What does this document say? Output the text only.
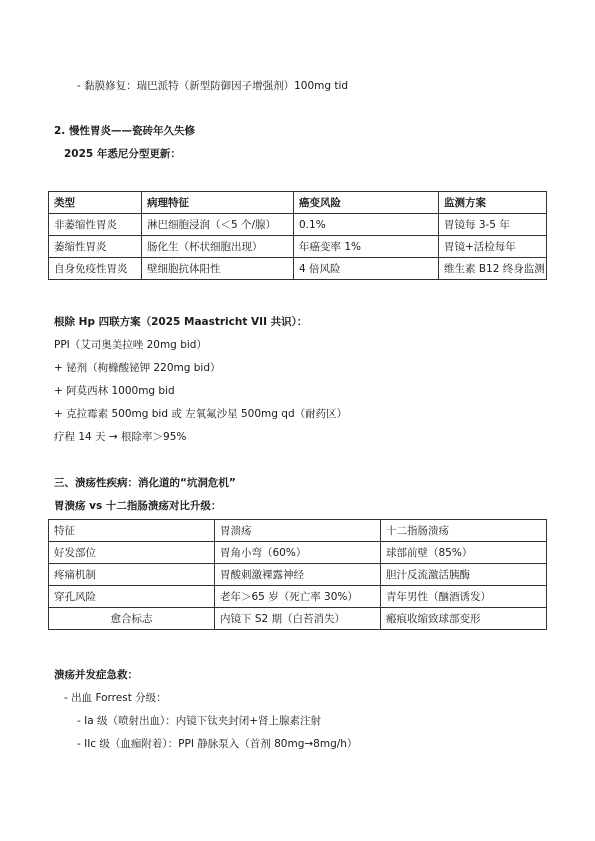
- 黏膜修复：瑞巴派特（新型防御因子增强剂）100mg tid
2. 慢性胃炎——瓷砖年久失修
2025 年悉尼分型更新：
类型	病理特征	癌变风险	监测方案
非萎缩性胃炎	淋巴细胞浸润（＜5 个/腺）	0.1%	胃镜每 3-5 年
萎缩性胃炎	肠化生（杯状细胞出现）	年癌变率 1%	胃镜+活检每年
自身免疫性胃炎	壁细胞抗体阳性	4 倍风险	维生素 B12 终身监测
根除 Hp 四联方案（2025 Maastricht VII 共识）：
PPI（艾司奥美拉唑 20mg bid）
+ 铋剂（枸橼酸铋钾 220mg bid）
+ 阿莫西林 1000mg bid
+ 克拉霉素 500mg bid 或 左氧氟沙星 500mg qd（耐药区）
疗程 14 天 → 根除率＞95%
三、溃疡性疾病：消化道的“坑洞危机”
胃溃疡 vs 十二指肠溃疡对比升级：
特征	胃溃疡	十二指肠溃疡
好发部位	胃角小弯（60%）	球部前壁（85%）
疼痛机制	胃酸刺激裸露神经	胆汁反流激活胰酶
穿孔风险	老年＞65 岁（死亡率 30%）	青年男性（酗酒诱发）
愈合标志	内镜下 S2 期（白苔消失）	瘢痕收缩致球部变形
溃疡并发症急救：
- 出血 Forrest 分级：
- Ia 级（喷射出血）：内镜下钛夹封闭+肾上腺素注射
- IIc 级（血痂附着）：PPI 静脉泵入（首剂 80mg→8mg/h）
